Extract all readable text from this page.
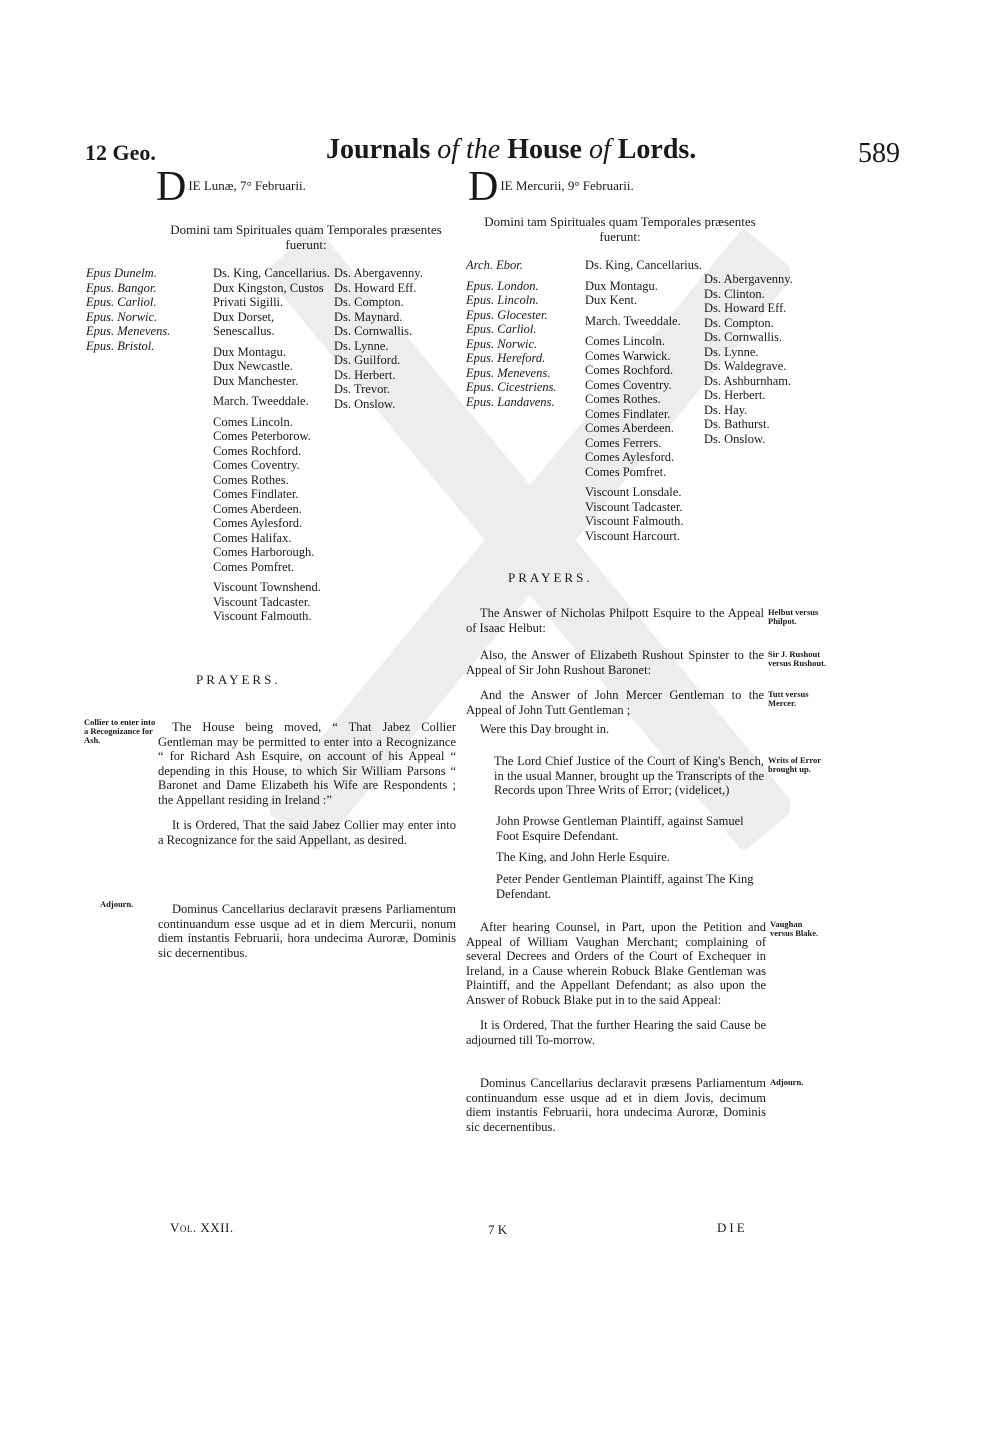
12 Geo.	Journals of the House of Lords.	589
D IE Lunæ, 7° Februarii.
Domini tam Spirituales quam Temporales præsentes fuerunt:
Epus Dunelm.
Epus. Bangor.
Epus. Carliol.
Epus. Norwic.
Epus. Menevens.
Epus. Bristol.
Ds. King, Cancellarius.
Dux Kingston, Custos Privati Sigilli.
Dux Dorset, Senescallus.
Dux Montagu.
Dux Newcastle.
Dux Manchester.
March. Tweeddale.
Comes Lincoln.
Comes Peterborow.
Comes Rochford.
Comes Coventry.
Comes Rothes.
Comes Findlater.
Comes Aberdeen.
Comes Aylesford.
Comes Halifax.
Comes Harborough.
Comes Pomfret.
Viscount Townshend.
Viscount Tadcaster.
Viscount Falmouth.
Ds. Abergavenny.
Ds. Howard Eff.
Ds. Compton.
Ds. Maynard.
Ds. Cornwallis.
Ds. Lynne.
Ds. Guilford.
Ds. Herbert.
Ds. Trevor.
Ds. Onslow.
PRAYERS.
Collier to enter into a Recognizance for Ash.
The House being moved, “ That Jabez Collier Gentleman may be permitted to enter into a Recognizance “ for Richard Ash Esquire, on account of his Appeal “ depending in this House, to which Sir William Parsons “ Baronet and Dame Elizabeth his Wife are Respondents ; the Appellant residing in Ireland :”
It is Ordered, That the said Jabez Collier may enter into a Recognizance for the said Appellant, as desired.
Adjourn.	Dominus Cancellarius declaravit præsens Parliamentum continuandum esse usque ad et in diem Mercurii, nonum diem instantis Februarii, hora undecima Auroræ, Dominis sic decernentibus.
D IE Mercurii, 9° Februarii.
Domini tam Spirituales quam Temporales præsentes fuerunt:
Arch. Ebor.
Epus. London.
Epus. Lincoln.
Epus. Glocester.
Epus. Carliol.
Epus. Norwic.
Epus. Hereford.
Epus. Menevens.
Epus. Cicestriens.
Epus. Landavens.
Ds. King, Cancellarius.
Dux Montagu.
Dux Kent.
March. Tweeddale.
Comes Lincoln.
Comes Warwick.
Comes Rochford.
Comes Coventry.
Comes Rothes.
Comes Findlater.
Comes Aberdeen.
Comes Ferrers.
Comes Aylesford.
Comes Pomfret.
Viscount Lonsdale.
Viscount Tadcaster.
Viscount Falmouth.
Viscount Harcourt.
Ds. Abergavenny.
Ds. Clinton.
Ds. Howard Eff.
Ds. Compton.
Ds. Cornwallis.
Ds. Lynne.
Ds. Waldegrave.
Ds. Ashburnham.
Ds. Herbert.
Ds. Hay.
Ds. Bathurst.
Ds. Onslow.
PRAYERS.
The Answer of Nicholas Philpott Esquire to the Appeal of Isaac Helbut:
Helbut versus Philpot.
Also, the Answer of Elizabeth Rushout Spinster to the Appeal of Sir John Rushout Baronet:
Sir J. Rushout versus Rushout.
And the Answer of John Mercer Gentleman to the Appeal of John Tutt Gentleman ;
Tutt versus Mercer.
Were this Day brought in.
The Lord Chief Justice of the Court of King's Bench, in the usual Manner, brought up the Transcripts of the Records upon Three Writs of Error; (videlicet,)
Writs of Error brought up.
John Prowse Gentleman Plaintiff, against Samuel Foot Esquire Defendant.
The King, and John Herle Esquire.
Peter Pender Gentleman Plaintiff, against The King Defendant.
After hearing Counsel, in Part, upon the Petition and Appeal of William Vaughan Merchant; complaining of several Decrees and Orders of the Court of Exchequer in Ireland, in a Cause wherein Robuck Blake Gentleman was Plaintiff, and the Appellant Defendant; as also upon the Answer of Robuck Blake put in to the said Appeal:
Vaughan versus Blake.
It is Ordered, That the further Hearing the said Cause be adjourned till To-morrow.
Dominus Cancellarius declaravit præsens Parliamentum continuandum esse usque ad et in diem Jovis, decimum diem instantis Februarii, hora undecima Auroræ, Dominis sic decernentibus.
Adjourn.
Vol. XXII.	7 K	DIE
